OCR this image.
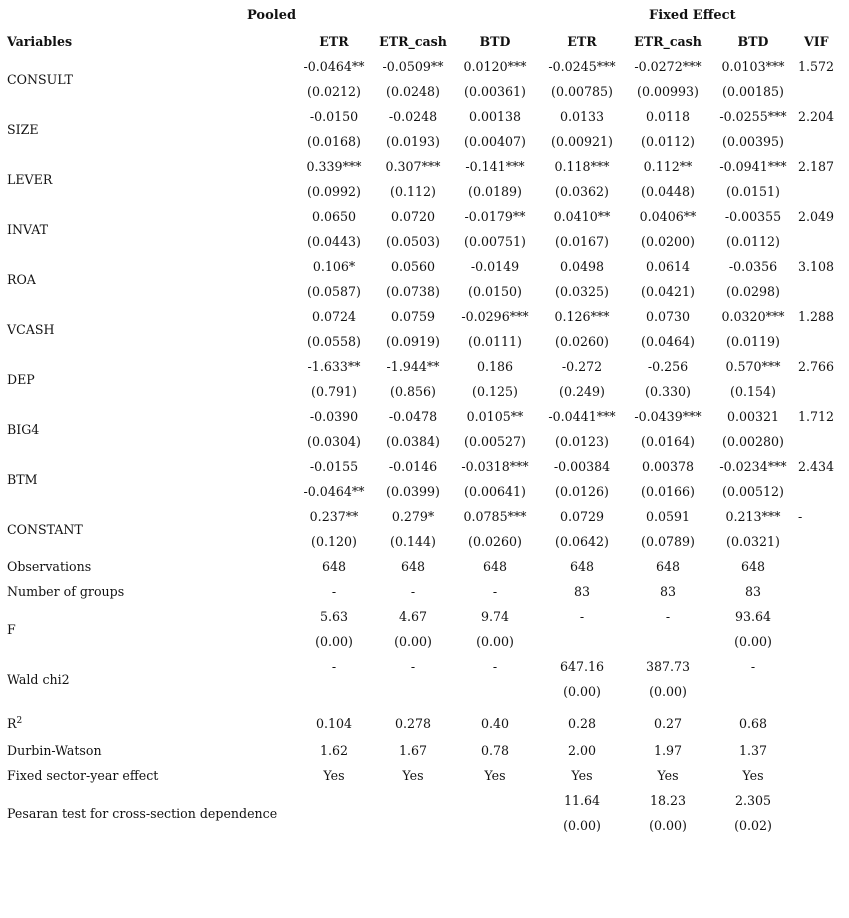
Pooled	Fixed Effect
Variables	ETR	ETR_cash	BTD	ETR	ETR_cash	BTD	VIF
CONSULT	-0.0464**	-0.0509**	0.0120***	-0.0245***	-0.0272***	0.0103***	1.572
	(0.0212)	(0.0248)	(0.00361)	(0.00785)	(0.00993)	(0.00185)	
SIZE	-0.0150	-0.0248	0.00138	0.0133	0.0118	-0.0255***	2.204
	(0.0168)	(0.0193)	(0.00407)	(0.00921)	(0.0112)	(0.00395)	
LEVER	0.339***	0.307***	-0.141***	0.118***	0.112**	-0.0941***	2.187
	(0.0992)	(0.112)	(0.0189)	(0.0362)	(0.0448)	(0.0151)	
INVAT	0.0650	0.0720	-0.0179**	0.0410**	0.0406**	-0.00355	2.049
	(0.0443)	(0.0503)	(0.00751)	(0.0167)	(0.0200)	(0.0112)	
ROA	0.106*	0.0560	-0.0149	0.0498	0.0614	-0.0356	3.108
	(0.0587)	(0.0738)	(0.0150)	(0.0325)	(0.0421)	(0.0298)	
VCASH	0.0724	0.0759	-0.0296***	0.126***	0.0730	0.0320***	1.288
	(0.0558)	(0.0919)	(0.0111)	(0.0260)	(0.0464)	(0.0119)	
DEP	-1.633**	-1.944**	0.186	-0.272	-0.256	0.570***	2.766
	(0.791)	(0.856)	(0.125)	(0.249)	(0.330)	(0.154)	
BIG4	-0.0390	-0.0478	0.0105**	-0.0441***	-0.0439***	0.00321	1.712
	(0.0304)	(0.0384)	(0.00527)	(0.0123)	(0.0164)	(0.00280)	
BTM	-0.0155	-0.0146	-0.0318***	-0.00384	0.00378	-0.0234***	2.434
	-0.0464**	(0.0399)	(0.00641)	(0.0126)	(0.0166)	(0.00512)	
CONSTANT	0.237**	0.279*	0.0785***	0.0729	0.0591	0.213***	-
	(0.120)	(0.144)	(0.0260)	(0.0642)	(0.0789)	(0.0321)	
Observations	648	648	648	648	648	648	
Number of groups	-	-	-	83	83	83	
F	5.63	4.67	9.74	-	-	93.64	
	(0.00)	(0.00)	(0.00)			(0.00)	
Wald chi2	-	-	-	647.16	387.73	-	
				(0.00)	(0.00)		
$R^2$	0.104	0.278	0.40	0.28	0.27	0.68	
Durbin-Watson	1.62	1.67	0.78	2.00	1.97	1.37	
Fixed sector-year effect	Yes	Yes	Yes	Yes	Yes	Yes	
Pesaran test for cross-section dependence				11.64	18.23	2.305	
				(0.00)	(0.00)	(0.02)	
